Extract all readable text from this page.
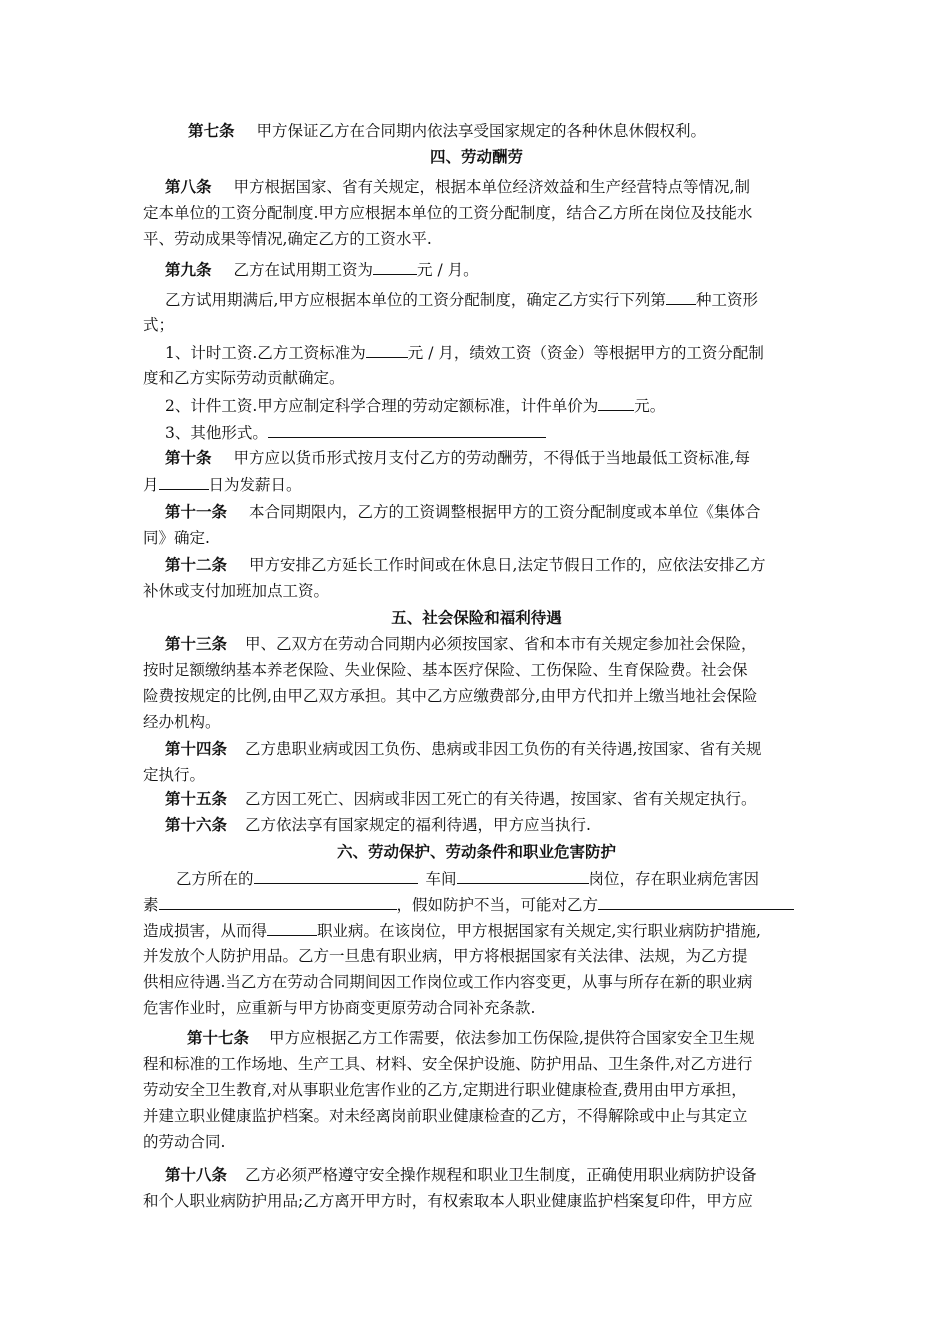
第七条 甲方保证乙方在合同期内依法享受国家规定的各种休息休假权利。
四、劳动酬劳
第八条 甲方根据国家、省有关规定，根据本单位经济效益和生产经营特点等情况,制
定本单位的工资分配制度.甲方应根据本单位的工资分配制度，结合乙方所在岗位及技能水
平、劳动成果等情况,确定乙方的工资水平.
第九条 乙方在试用期工资为	元 / 月。
乙方试用期满后,甲方应根据本单位的工资分配制度，确定乙方实行下列第 种工资形
式；
1、计时工资.乙方工资标准为	元 / 月，绩效工资（资金）等根据甲方的工资分配制
度和乙方实际劳动贡献确定。
2、计件工资.甲方应制定科学合理的劳动定额标准，计件单价为 元。
3、其他形式。
第十条 甲方应以货币形式按月支付乙方的劳动酬劳，不得低于当地最低工资标准,每
月	日为发薪日。
第十一条 本合同期限内，乙方的工资调整根据甲方的工资分配制度或本单位《集体合
同》确定.
第十二条 甲方安排乙方延长工作时间或在休息日,法定节假日工作的，应依法安排乙方
补休或支付加班加点工资。
五、社会保险和福利待遇
第十三条 甲、乙双方在劳动合同期内必须按国家、省和本市有关规定参加社会保险，
按时足额缴纳基本养老保险、失业保险、基本医疗保险、工伤保险、生育保险费。社会保
险费按规定的比例,由甲乙双方承担。其中乙方应缴费部分,由甲方代扣并上缴当地社会保险
经办机构。
第十四条 乙方患职业病或因工负伤、患病或非因工负伤的有关待遇,按国家、省有关规
定执行。
第十五条 乙方因工死亡、因病或非因工死亡的有关待遇，按国家、省有关规定执行。
第十六条 乙方依法享有国家规定的福利待遇，甲方应当执行.
六、劳动保护、劳动条件和职业危害防护
乙方所在的	车间	岗位，存在职业病危害因
素	，假如防护不当，可能对乙方
造成损害，从而得	职业病。在该岗位，甲方根据国家有关规定,实行职业病防护措施,
并发放个人防护用品。乙方一旦患有职业病，甲方将根据国家有关法律、法规，为乙方提
供相应待遇.当乙方在劳动合同期间因工作岗位或工作内容变更，从事与所存在新的职业病
危害作业时，应重新与甲方协商变更原劳动合同补充条款.
第十七条 甲方应根据乙方工作需要，依法参加工伤保险,提供符合国家安全卫生规
程和标准的工作场地、生产工具、材料、安全保护设施、防护用品、卫生条件,对乙方进行
劳动安全卫生教育,对从事职业危害作业的乙方,定期进行职业健康检查,费用由甲方承担，
并建立职业健康监护档案。对未经离岗前职业健康检查的乙方，不得解除或中止与其定立
的劳动合同.
第十八条 乙方必须严格遵守安全操作规程和职业卫生制度，正确使用职业病防护设备
和个人职业病防护用品;乙方离开甲方时，有权索取本人职业健康监护档案复印件，甲方应
